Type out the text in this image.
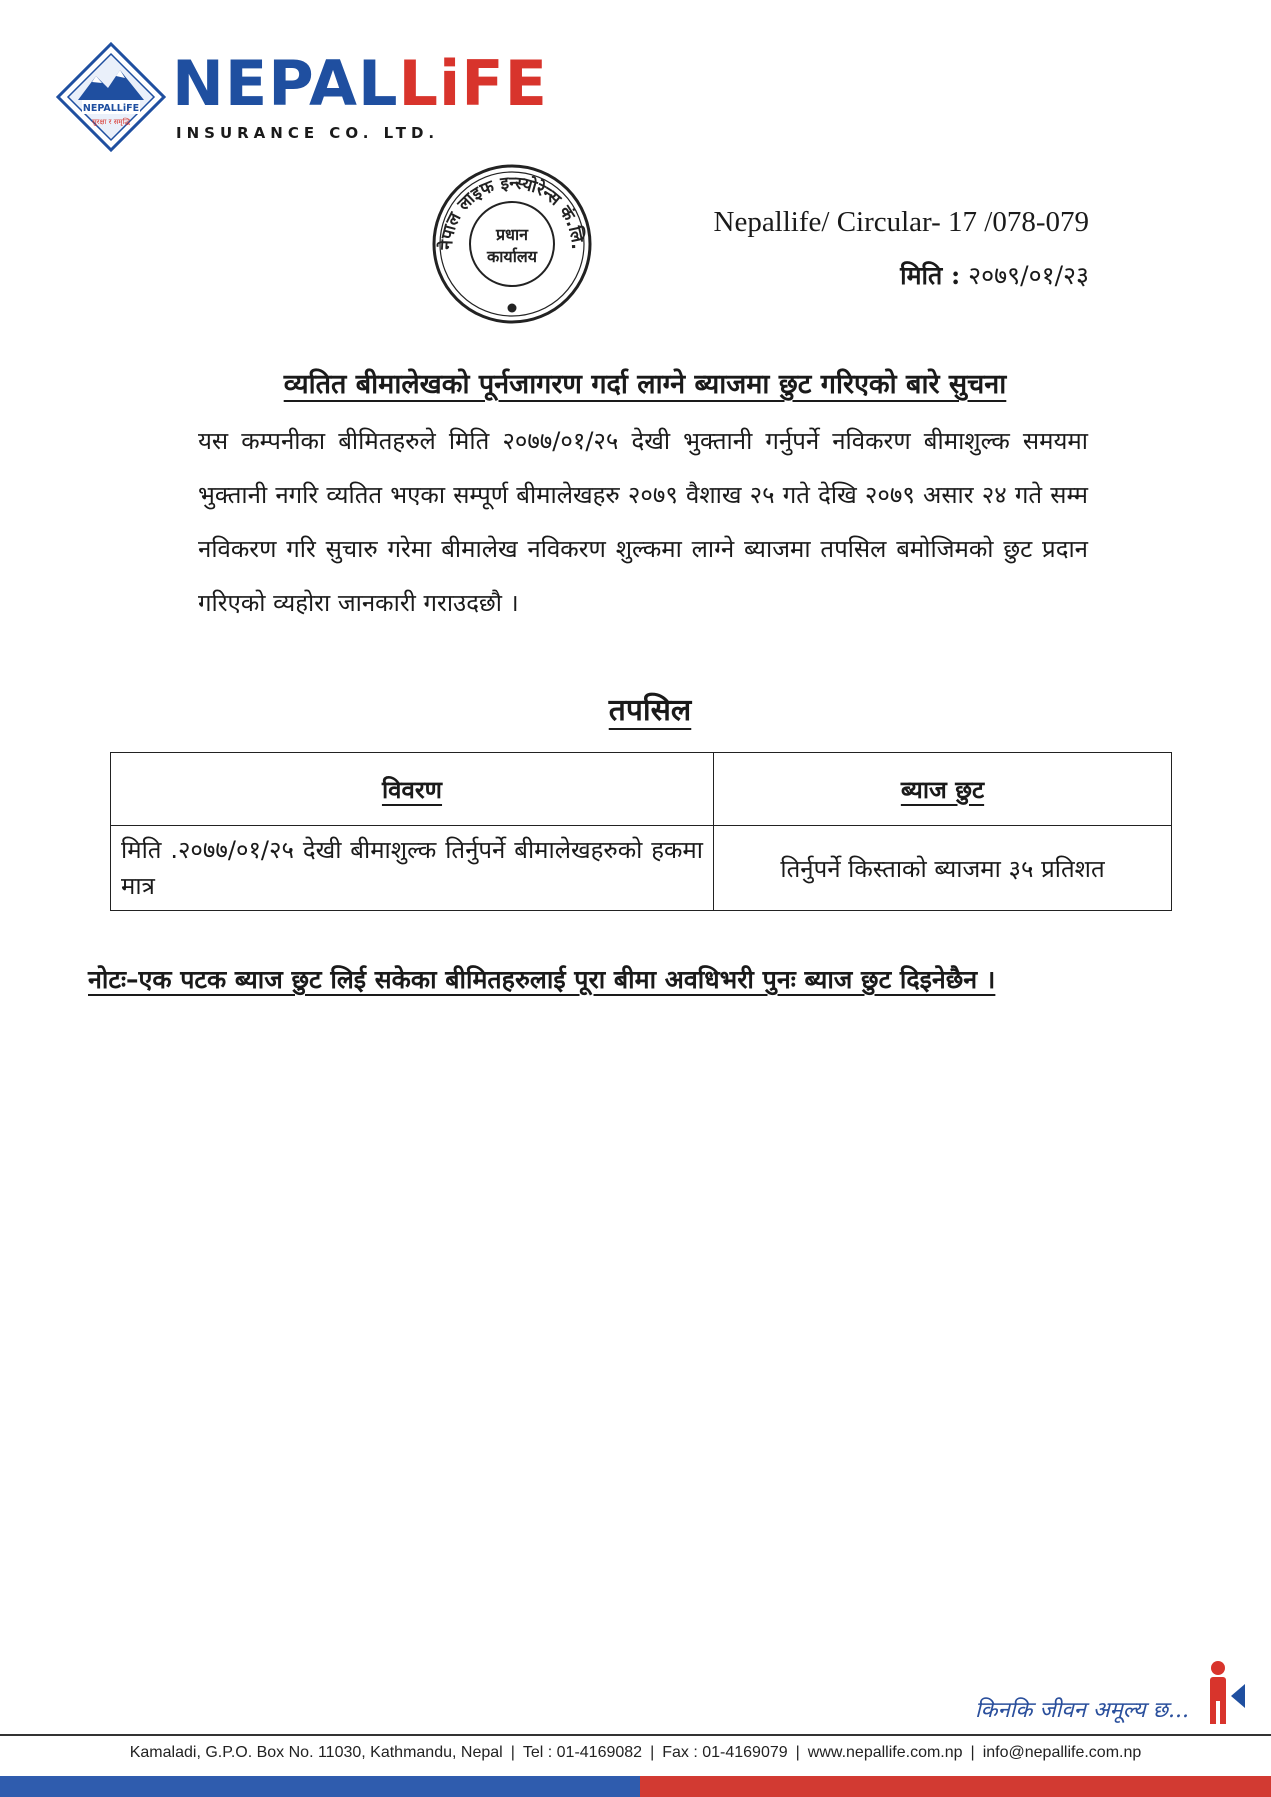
NEPALLiFE
सुरक्षा र समृद्धि
NEPALLiFE
INSURANCE CO. LTD.
नेपाल लाइफ इन्स्योरेन्स कं.लि.
प्रधान
कार्यालय
Nepallife/ Circular- 17 /078-079
मिति : २०७९/०१/२३
व्यतित बीमालेखको पूर्नजागरण गर्दा लाग्ने ब्याजमा छुट गरिएको बारे सुचना
यस कम्पनीका बीमितहरुले मिति २०७७/०१/२५ देखी भुक्तानी गर्नुपर्ने नविकरण बीमाशुल्क समयमा भुक्तानी नगरि व्यतित भएका सम्पूर्ण बीमालेखहरु २०७९ वैशाख २५ गते देखि २०७९ असार २४ गते सम्म नविकरण गरि सुचारु गरेमा बीमालेख नविकरण शुल्कमा लाग्ने ब्याजमा तपसिल बमोजिमको छुट प्रदान गरिएको व्यहोरा जानकारी गराउदछौ ।
तपसिल
विवरण	ब्याज छुट
मिति .२०७७/०१/२५ देखी बीमाशुल्क तिर्नुपर्ने बीमालेखहरुको हकमा मात्र	तिर्नुपर्ने किस्ताको ब्याजमा ३५ प्रतिशत
नोटः–एक पटक ब्याज छुट लिई सकेका बीमितहरुलाई पूरा बीमा अवधिभरी पुनः ब्याज छुट दिइनेछैन ।
किनकि जीवन अमूल्य छ...
Kamaladi, G.P.O. Box No. 11030, Kathmandu, Nepal | Tel : 01-4169082 | Fax : 01-4169079 | www.nepallife.com.np | info@nepallife.com.np
